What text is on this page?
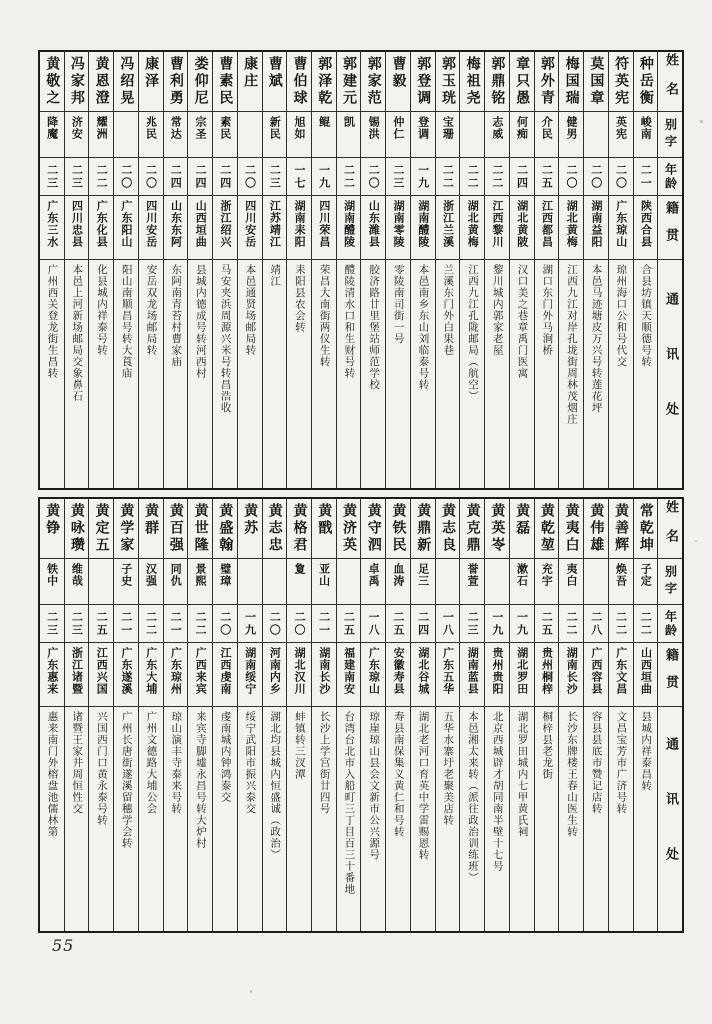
姓名
别字
年龄
籍贯
通讯处
种岳衡
峻南
二一
陕西合县
合县坊镇天顺德号转
符英宪
英宪
二〇
广东琼山
琼州海口公和号代交
莫国章
二〇
湖南益阳
本邑马迹塘皮万兴号转莲花坪
梅国瑞
健男
二〇
湖北黄梅
江西九江对岸孔垅街周林茂烟庄
郭外青
介民
二五
江西都昌
湖口东门外马涧桥
章只愚
何痴
二四
湖北黄陂
汉口美之巷章禹门医寓
郭鼎铭
志威
二二
江西黎川
黎川城内郭家老屋
梅祖尧
二二
湖北黄梅
江西九江孔陇邮局（航空）
郭玉珖
宝珊
二二
浙江兰溪
兰溪东门外白果巷
郭登调
登调
一九
湖南醴陵
本邑南乡东山刘临泰号转
曹毅
仲仁
二三
湖南零陵
零陵南司街一号
郭家范
锡洪
二〇
山东潍县
胶济路廿里堡站师范学校
郭建元
凯
二二
湖南醴陵
醴陵清水口和生财号转
郭泽乾
鲲
一九
四川荣昌
荣昌大南街两仪生转
曹伯球
旭如
一七
湖南耒阳
耒阳县农会转
曹斌
新民
二三
江苏靖江
靖江
康庄
二〇
四川安岳
本邑通贤场邮局转
曹素民
素民
二四
浙江绍兴
马安夹浜周源兴米号转昌浩收
娄仰尼
宗圣
二四
山西垣曲
县城内德成号转河西村
曹利勇
常达
二四
山东东阿
东阿南青苔村曹家庙
康泽
兆民
二〇
四川安岳
安岳双龙场邮局转
冯绍晃
二〇
广东阳山
阳山南顺昌号转大莨庙
黄恩澄
耀洲
二二
广东化县
化县城内祥泰号转
冯家邦
济安
二三
四川忠县
本邑上河新场邮局交象鼻石
黄敬之
降魔
二三
广东三水
广州西关登龙街生昌转
姓名
别字
年龄
籍贯
通讯处
常乾坤
子定
二二
山西垣曲
县城内祥泰昌转
黄善辉
焕吾
二二
广东文昌
文昌宝芳市广济号转
黄伟雄
二八
广西容县
容县县底市赞记店转
黄夷白
夷白
二二
湖南长沙
长沙东牌楼王春山医生转
黄乾堃
充宇
二五
贵州桐梓
桐梓县老龙街
黄磊
漱石
一九
湖北罗田
湖北罗田城内七甲黄氏祠
黄英岺
一九
贵州贵阳
北京西城辟才胡同南半壁十七号
黄克鼎
誉萱
二三
湖南蓝县
本邑湘太来转（派往政治训练班）
黄志良
一八
广东五华
五华水寨圩老聚美店转
黄鼎新
足三
二四
湖北谷城
湖北老河口育英中学雷赐恩转
黄铁民
血涛
二五
安徽寿县
寿县南保集义黄仁和号转
黄守泗
卓禹
一八
广东琼山
琼崖琼山县会文新市公兴源号
黄济英
二五
福建南安
台湾台北市入船町三丁目百三十番地
黄戬
亚山
二一
湖南长沙
长沙上学宫街廿四号
黄格君
夐
二〇
湖北汉川
蚌镇转三汊潭
黄志忠
二〇
河南内乡
湖北均县城内恒盛诚（政治）
黄苏
一九
湖南绥宁
绥宁武阳市振兴泰交
黄盛翰
璧璋
二〇
江西虔南
虔南城内钟鸿泰交
黄世隆
景熙
二二
广西来宾
来宾寺脚墟永昌号转大炉村
黄百强
同仇
二一
广东琼州
琼山演丰寺泰来号转
黄群
汉强
二二
广东大埔
广州文德路大埔公会
黄学家
子史
二一
广东遂溪
广州长唐街遂溪留穗学会转
黄定五
二五
江西兴国
兴国西门口黄永泰号转
黄咏瓒
维哉
二三
浙江诸暨
诸暨王家井周恒性交
黄铮
铁中
二三
广东惠来
惠来南门外榕盘池儒林第
55
